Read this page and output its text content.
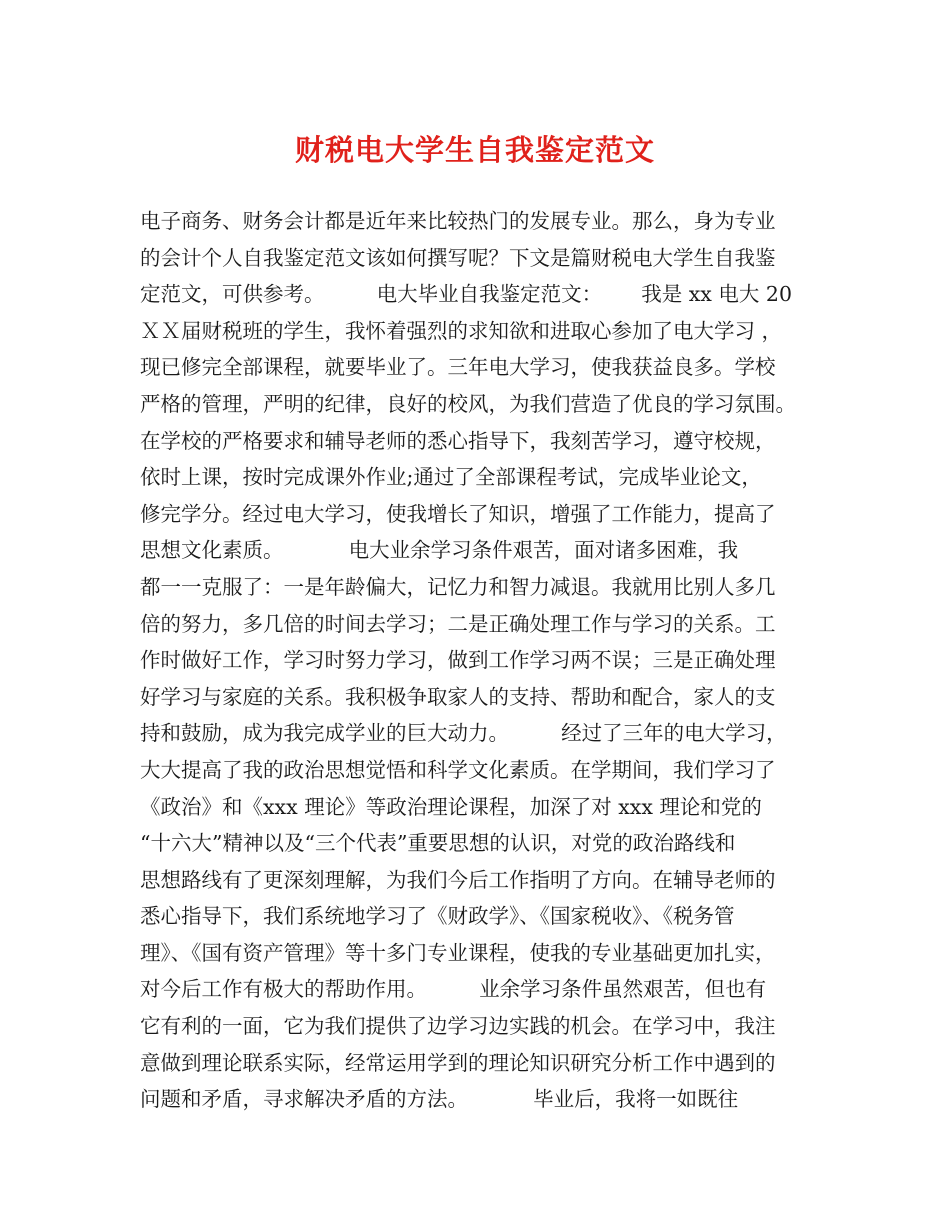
财税电大学生自我鉴定范文
电子商务、财务会计都是近年来比较热门的发展专业。那么，身为专业
的会计个人自我鉴定范文该如何撰写呢？下文是篇财税电大学生自我鉴
定范文，可供参考。        电大毕业自我鉴定范文：      我是 xx 电大 20
ＸＸ届财税班的学生，我怀着强烈的求知欲和进取心参加了电大学习 ，
现已修完全部课程，就要毕业了。三年电大学习，使我获益良多。学校
严格的管理，严明的纪律，良好的校风，为我们营造了优良的学习氛围。
在学校的严格要求和辅导老师的悉心指导下，我刻苦学习，遵守校规，
依时上课，按时完成课外作业;通过了全部课程考试，完成毕业论文，
修完学分。经过电大学习，使我增长了知识，增强了工作能力，提高了
思想文化素质。          电大业余学习条件艰苦，面对诸多困难，我
都一一克服了：一是年龄偏大，记忆力和智力减退。我就用比别人多几
倍的努力，多几倍的时间去学习；二是正确处理工作与学习的关系。工
作时做好工作，学习时努力学习，做到工作学习两不误；三是正确处理
好学习与家庭的关系。我积极争取家人的支持、帮助和配合，家人的支
持和鼓励，成为我完成学业的巨大动力。        经过了三年的电大学习，
大大提高了我的政治思想觉悟和科学文化素质。在学期间，我们学习了
《政治》和《xxx 理论》等政治理论课程，加深了对 xxx 理论和党的
“十六大”精神以及“三个代表”重要思想的认识，对党的政治路线和
思想路线有了更深刻理解，为我们今后工作指明了方向。在辅导老师的
悉心指导下，我们系统地学习了《财政学》、《国家税收》、《税务管
理》、《国有资产管理》等十多门专业课程，使我的专业基础更加扎实，
对今后工作有极大的帮助作用。        业余学习条件虽然艰苦，但也有
它有利的一面，它为我们提供了边学习边实践的机会。在学习中，我注
意做到理论联系实际，经常运用学到的理论知识研究分析工作中遇到的
问题和矛盾，寻求解决矛盾的方法。          毕业后，我将一如既往
